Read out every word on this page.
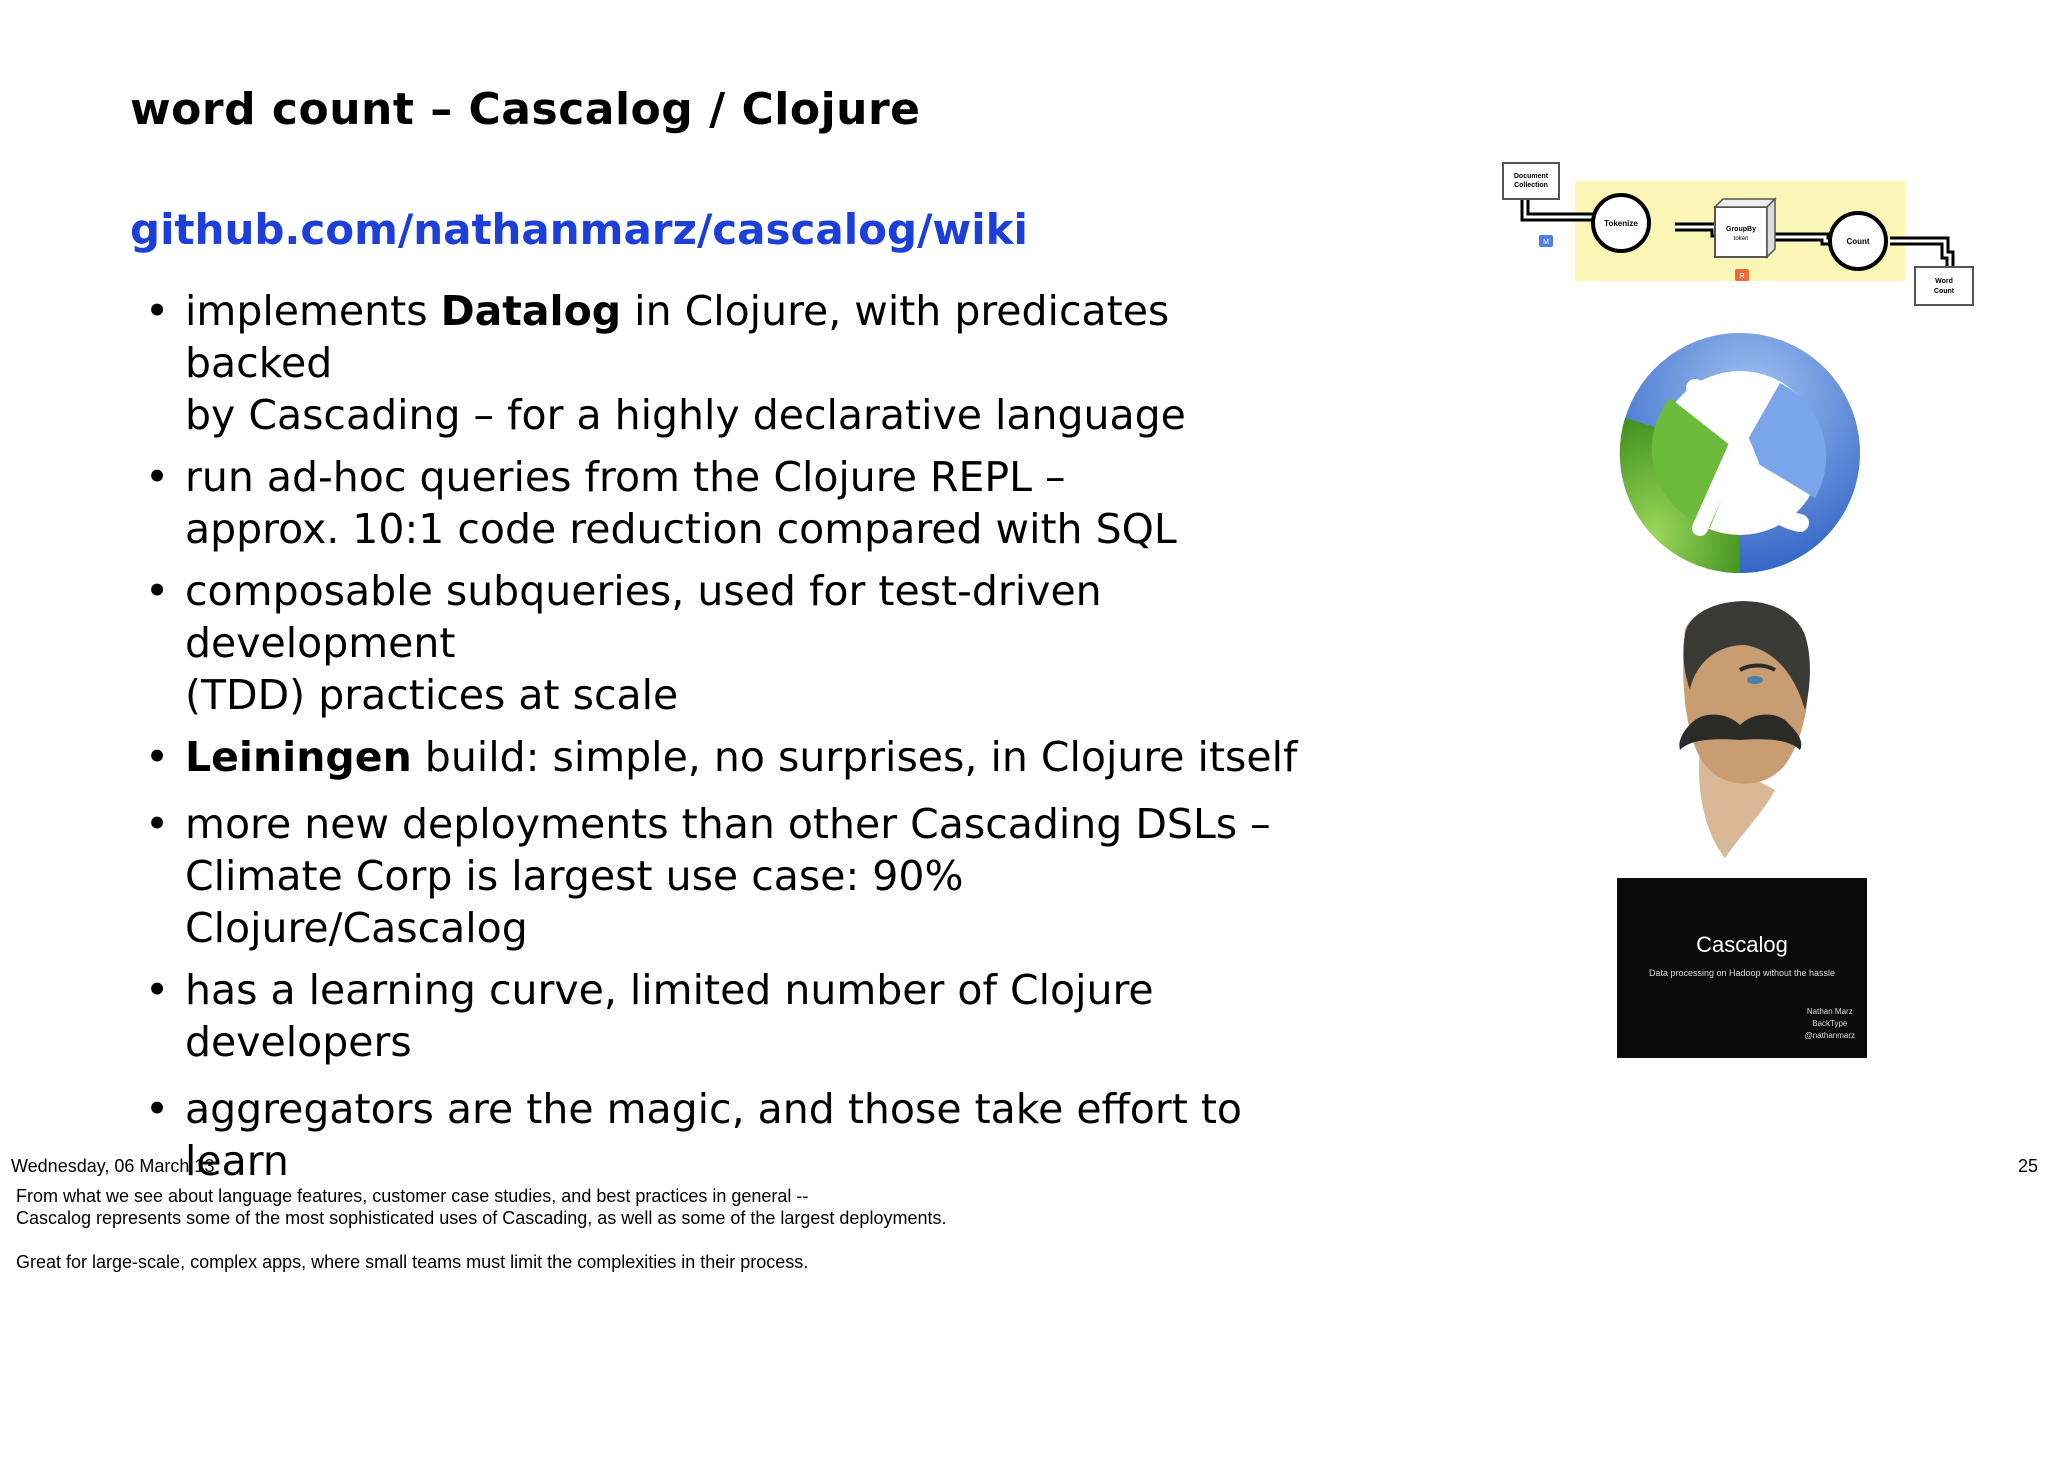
word count – Cascalog / Clojure
github.com/nathanmarz/cascalog/wiki
• implements Datalog in Clojure, with predicates backed
by Cascading – for a highly declarative language
• run ad-hoc queries from the Clojure REPL –
approx. 10:1 code reduction compared with SQL
• composable subqueries, used for test-driven development
(TDD) practices at scale
• Leiningen build: simple, no surprises, in Clojure itself
• more new deployments than other Cascading DSLs –
Climate Corp is largest use case: 90% Clojure/Cascalog
• has a learning curve, limited number of Clojure developers
• aggregators are the magic, and those take effort to learn
Document
Collection
M
Tokenize
GroupBy
token
R
Count
Word
Count
Cascalog
Data processing on Hadoop without the hassle
Nathan Marz
BackType
@nathanmarz
Wednesday, 06 March 13	25

From what we see about language features, customer case studies, and best practices in general --

Cascalog represents some of the most sophisticated uses of Cascading, as well as some of the largest deployments.

Great for large-scale, complex apps, where small teams must limit the complexities in their process.
